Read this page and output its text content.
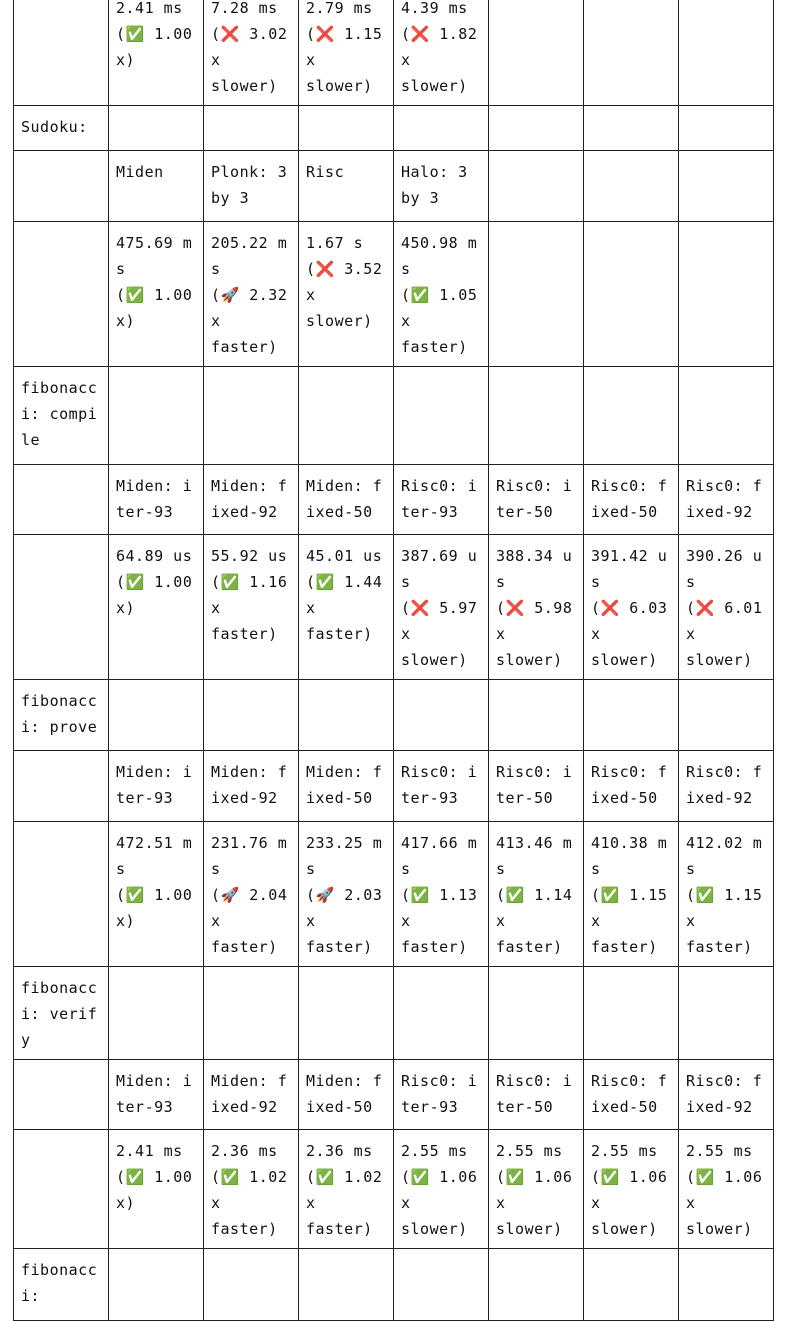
	2.41 ms
(✅ 1.00x)	7.28 ms
(❌ 3.02x
slower)	2.79 ms
(❌ 1.15x
slower)	4.39 ms
(❌ 1.82x
slower)			

Sudoku:							
	Miden	Plonk: 3 by 3	Risc	Halo: 3 by 3			

	475.69 ms
(✅ 1.00x)	205.22 ms
(🚀 2.32x
faster)	1.67 s
(❌ 3.52x
slower)	450.98 ms
(✅ 1.05x
faster)			

fibonacci: compile							
	Miden: iter-93	Miden: fixed-92	Miden: fixed-50	Risc0: iter-93	Risc0: iter-50	Risc0: fixed-50	Risc0: fixed-92

	64.89 us
(✅ 1.00x)	55.92 us
(✅ 1.16x
faster)	45.01 us
(✅ 1.44x
faster)	387.69 us
(❌ 5.97x
slower)	388.34 us
(❌ 5.98x
slower)	391.42 us
(❌ 6.03x
slower)	390.26 us
(❌ 6.01x
slower)

fibonacci: prove							
	Miden: iter-93	Miden: fixed-92	Miden: fixed-50	Risc0: iter-93	Risc0: iter-50	Risc0: fixed-50	Risc0: fixed-92

	472.51 ms
(✅ 1.00x)	231.76 ms
(🚀 2.04x
faster)	233.25 ms
(🚀 2.03x
faster)	417.66 ms
(✅ 1.13x
faster)	413.46 ms
(✅ 1.14x
faster)	410.38 ms
(✅ 1.15x
faster)	412.02 ms
(✅ 1.15x
faster)

fibonacci: verify							
	Miden: iter-93	Miden: fixed-92	Miden: fixed-50	Risc0: iter-93	Risc0: iter-50	Risc0: fixed-50	Risc0: fixed-92

	2.41 ms
(✅ 1.00x)	2.36 ms
(✅ 1.02x
faster)	2.36 ms
(✅ 1.02x
faster)	2.55 ms
(✅ 1.06x
slower)	2.55 ms
(✅ 1.06x
slower)	2.55 ms
(✅ 1.06x
slower)	2.55 ms
(✅ 1.06x
slower)

fibonacci:							
